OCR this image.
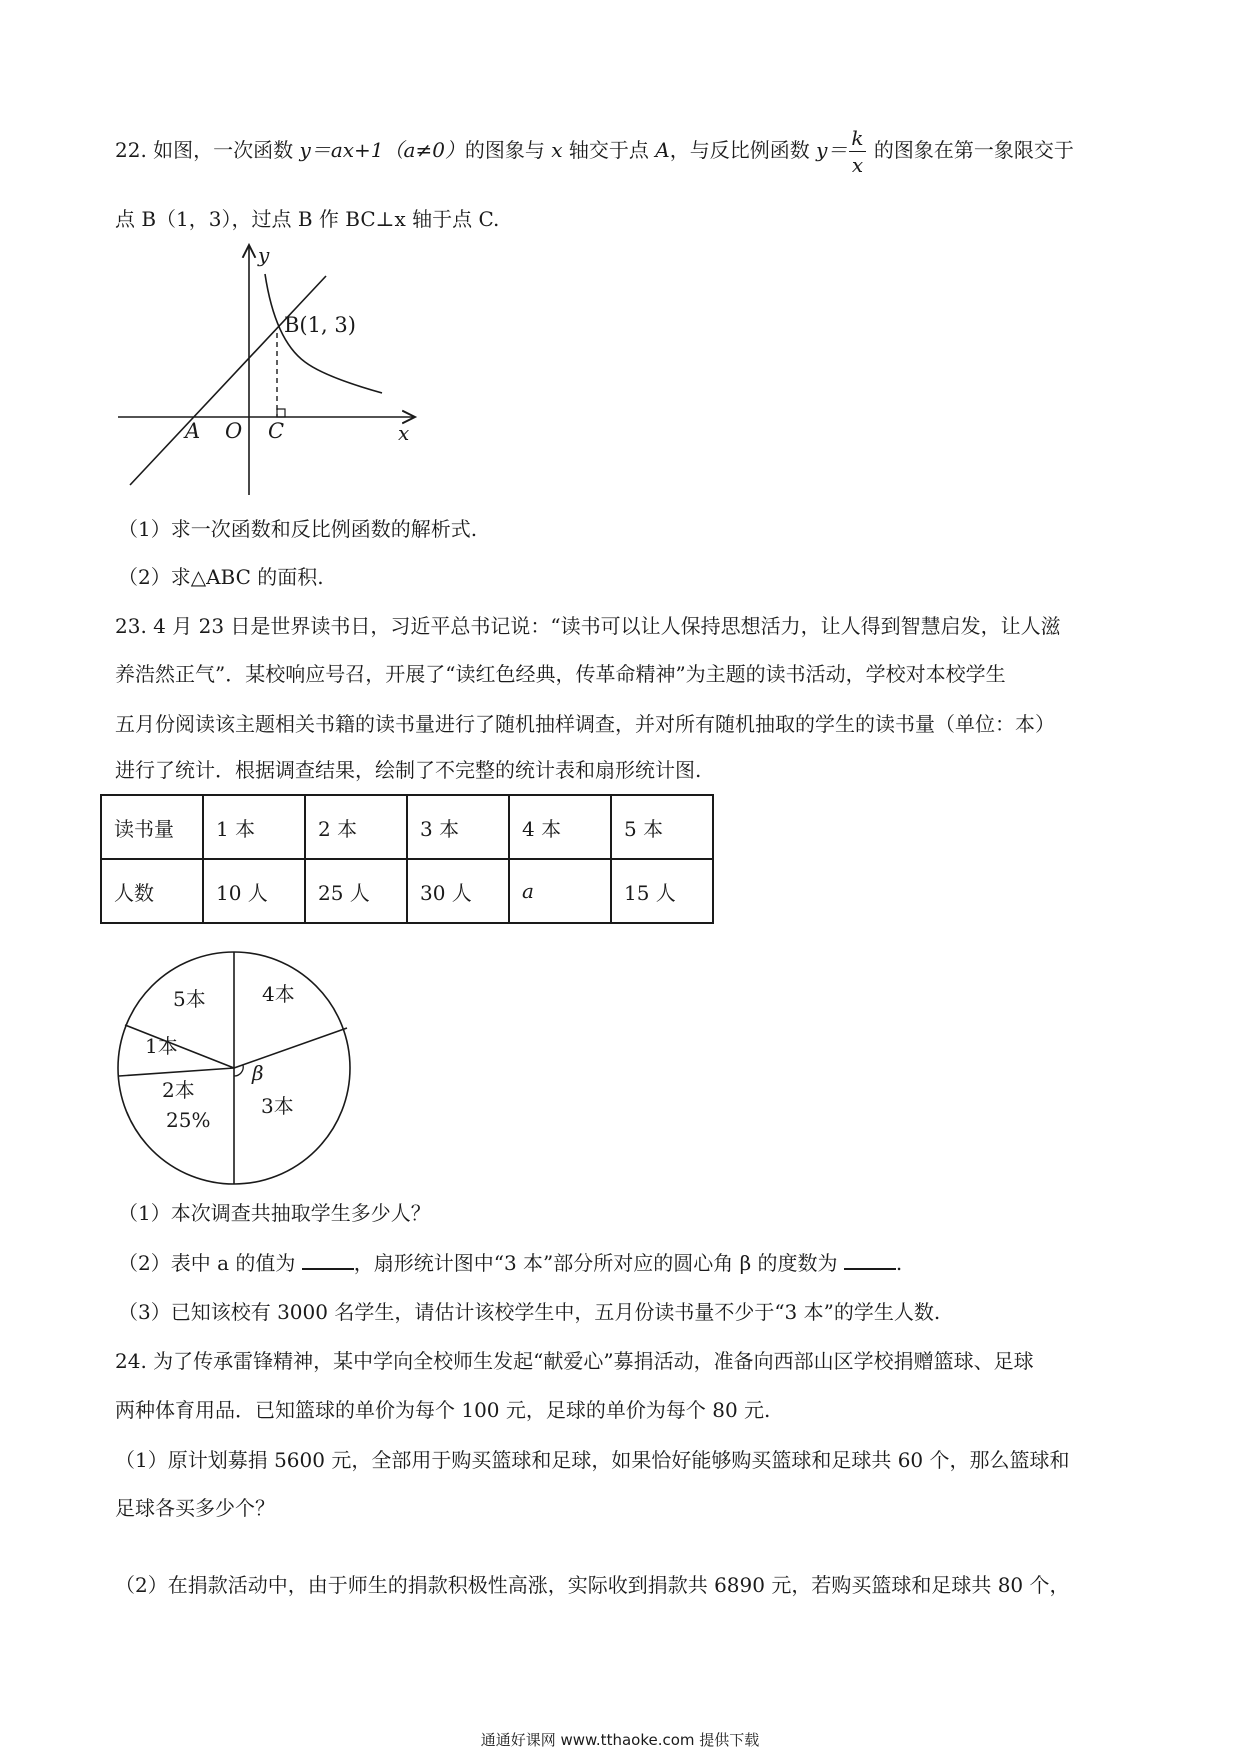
22. 如图，一次函数 y＝ax+1（a≠0）的图象与 x 轴交于点 A，与反比例函数 $y= \frac{k}{x}$ 的图象在第一象限交于
点 B（1，3），过点 B 作 BC⊥x 轴于点 C.
y
x
B(1, 3)
A O C
（1）求一次函数和反比例函数的解析式.
（2）求△ABC 的面积.
23. 4 月 23 日是世界读书日，习近平总书记说：“读书可以让人保持思想活力，让人得到智慧启发，让人滋
养浩然正气”．某校响应号召，开展了“读红色经典，传革命精神”为主题的读书活动，学校对本校学生
五月份阅读该主题相关书籍的读书量进行了随机抽样调查，并对所有随机抽取的学生的读书量（单位：本）
进行了统计．根据调查结果，绘制了不完整的统计表和扇形统计图.
读书量	1 本	2 本	3 本	4 本	5 本
人数	10 人	25 人	30 人	a	15 人
5本	4本
1本
2本
25%
3本
β
（1）本次调查共抽取学生多少人？
（2）表中 a 的值为	，扇形统计图中“3 本”部分所对应的圆心角 β 的度数为	.
（3）已知该校有 3000 名学生，请估计该校学生中，五月份读书量不少于“3 本”的学生人数.
24. 为了传承雷锋精神，某中学向全校师生发起“献爱心”募捐活动，准备向西部山区学校捐赠篮球、足球
两种体育用品．已知篮球的单价为每个 100 元，足球的单价为每个 80 元.
（1）原计划募捐 5600 元，全部用于购买篮球和足球，如果恰好能够购买篮球和足球共 60 个，那么篮球和
足球各买多少个？
（2）在捐款活动中，由于师生的捐款积极性高涨，实际收到捐款共 6890 元，若购买篮球和足球共 80 个，
通通好课网 www.tthaoke.com 提供下载
